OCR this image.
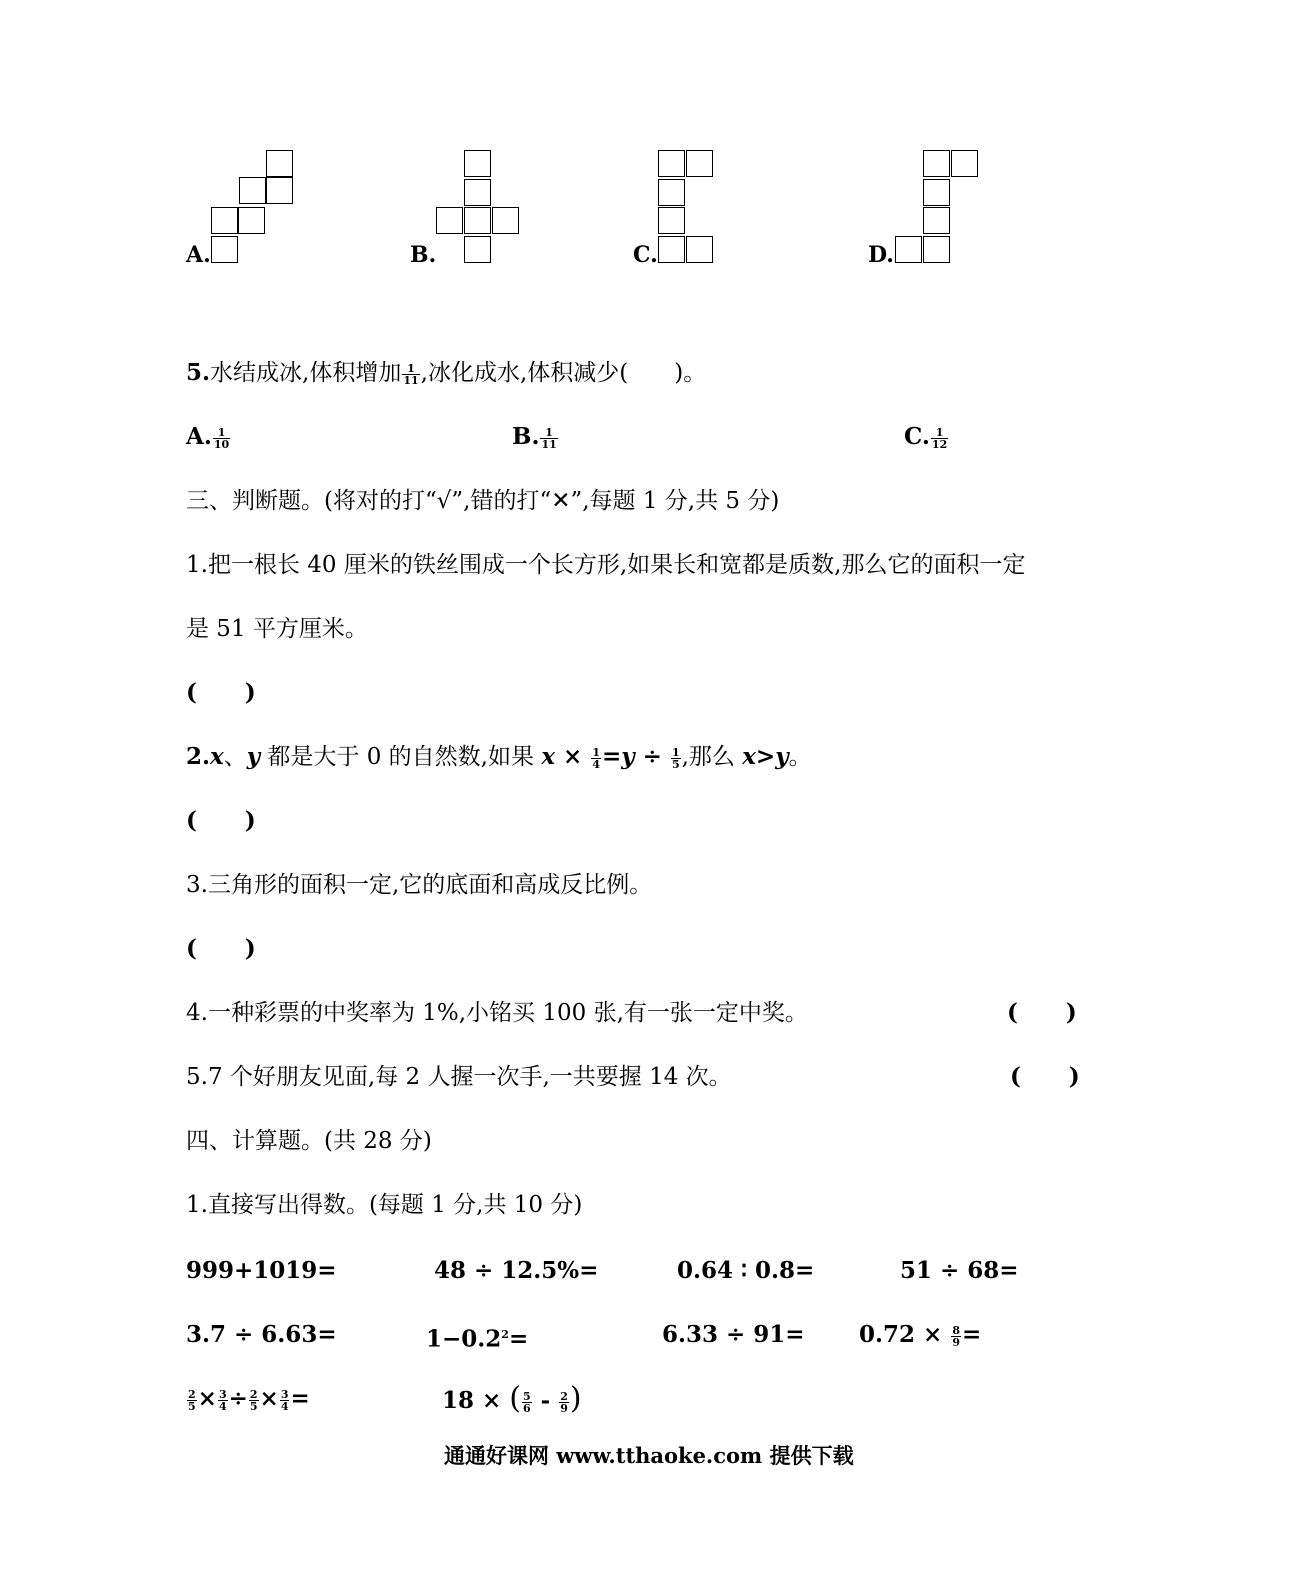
A.	B.	C.	D.
5.水结成冰,体积增加 $\frac{1}{11}$ ,冰化成水,体积减少( )。
A. $\frac{1}{10}$	B. $\frac{1}{11}$	C. $\frac{1}{12}$
三、判断题。(将对的打“√”,错的打“✕”,每题 1 分,共 5 分)
1.把一根长 40 厘米的铁丝围成一个长方形,如果长和宽都是质数,那么它的面积一定
是 51 平方厘米。
(      )
2.x、y 都是大于 0 的自然数,如果 $x \times \frac{1}{4} =y \div \frac{1}{5}$ ,那么 x>y。
(      )
3.三角形的面积一定,它的底面和高成反比例。
(      )
4.一种彩票的中奖率为 1%,小铭买 100 张,有一张一定中奖。	(      )
5.7 个好朋友见面,每 2 人握一次手,一共要握 14 次。	(      )
四、计算题。(共 28 分)
1.直接写出得数。(每题 1 分,共 10 分)
999+1019=	48 ÷ 12.5%=	0.64 ∶ 0.8=	51 ÷ 68=
3.7 ÷ 6.63=	$1-0.2^2=$	$6.33 \div 91= 0.72 \times \frac{8}{9}$ =
$\frac{2}{5} \times \frac{3}{4} \div \frac{2}{5} \times \frac{3}{4}$ =	18 × ( $\frac{5}{6} - \frac{2}{9}$ )
通通好课网 www.tthaoke.com 提供下载
